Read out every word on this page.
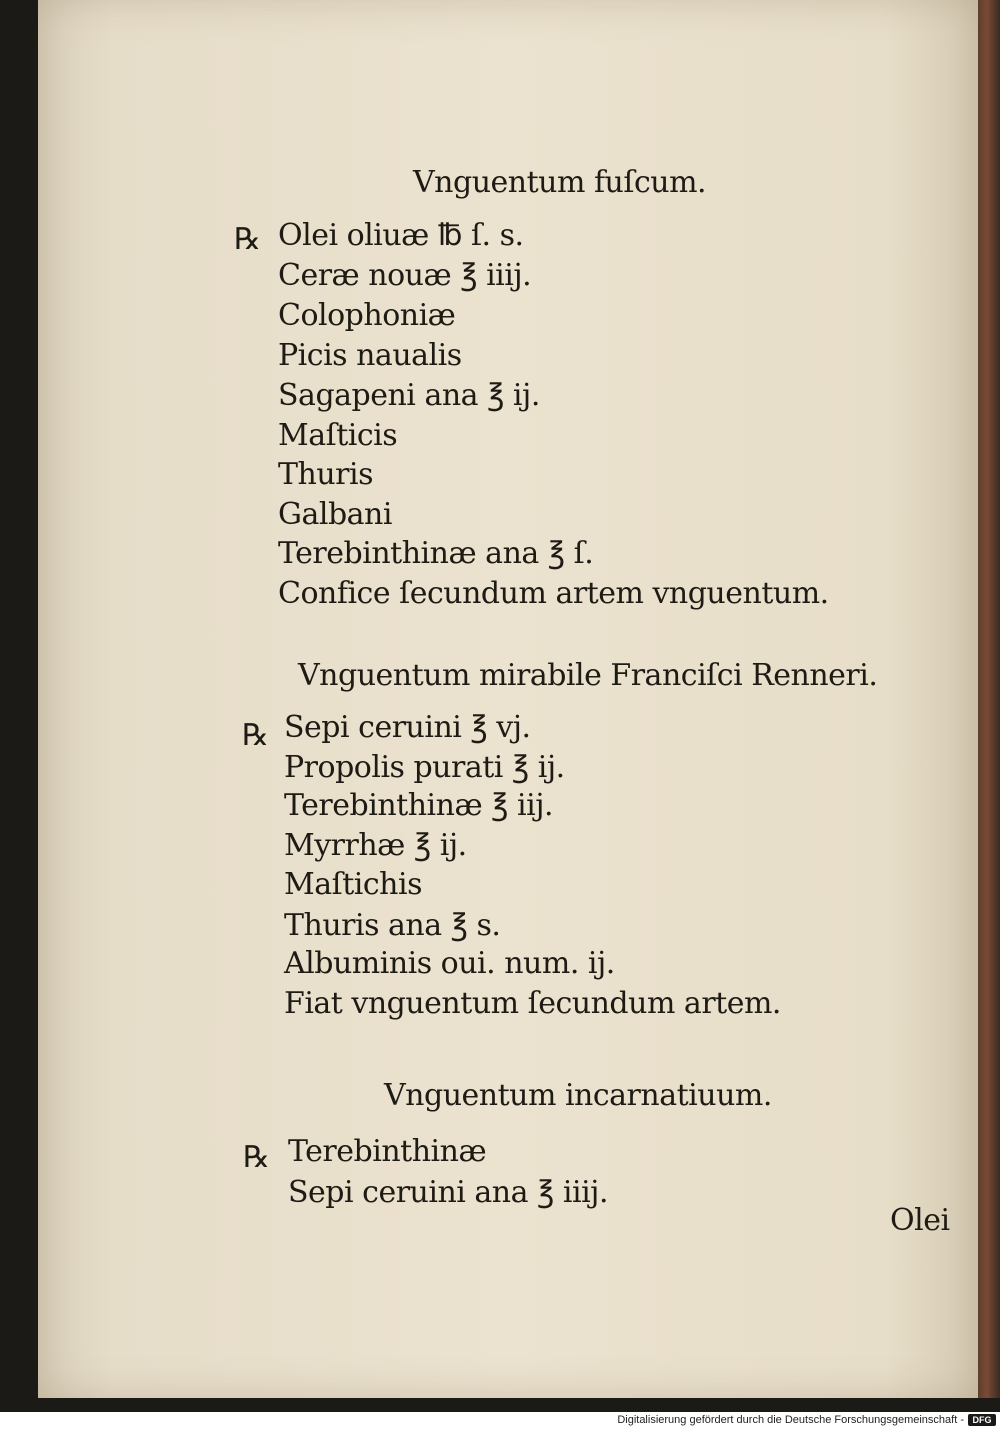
Vnguentum fuſcum.
℞ Olei oliuæ ℔ ſ. s.
Ceræ nouæ ℥ iiij.
Colophoniæ
Picis naualis
Sagapeni ana ℥ ij.
Maſticis
Thuris
Galbani
Terebinthinæ ana ℥ ſ.
Confice ſecundum artem vnguentum.
Vnguentum mirabile Franciſci Renneri.
℞ Sepi ceruini ℥ vj.
Propolis purati ℥ ij.
Terebinthinæ ℥ iij.
Myrrhæ ℥ ij.
Maſtichis
Thuris ana ℥ s.
Albuminis oui. num. ij.
Fiat vnguentum ſecundum artem.
Vnguentum incarnatiuum.
℞ Terebinthinæ
Sepi ceruini ana ℥ iiij.
Olei
Digitalisierung gefördert durch die Deutsche Forschungsgemeinschaft - DFG
